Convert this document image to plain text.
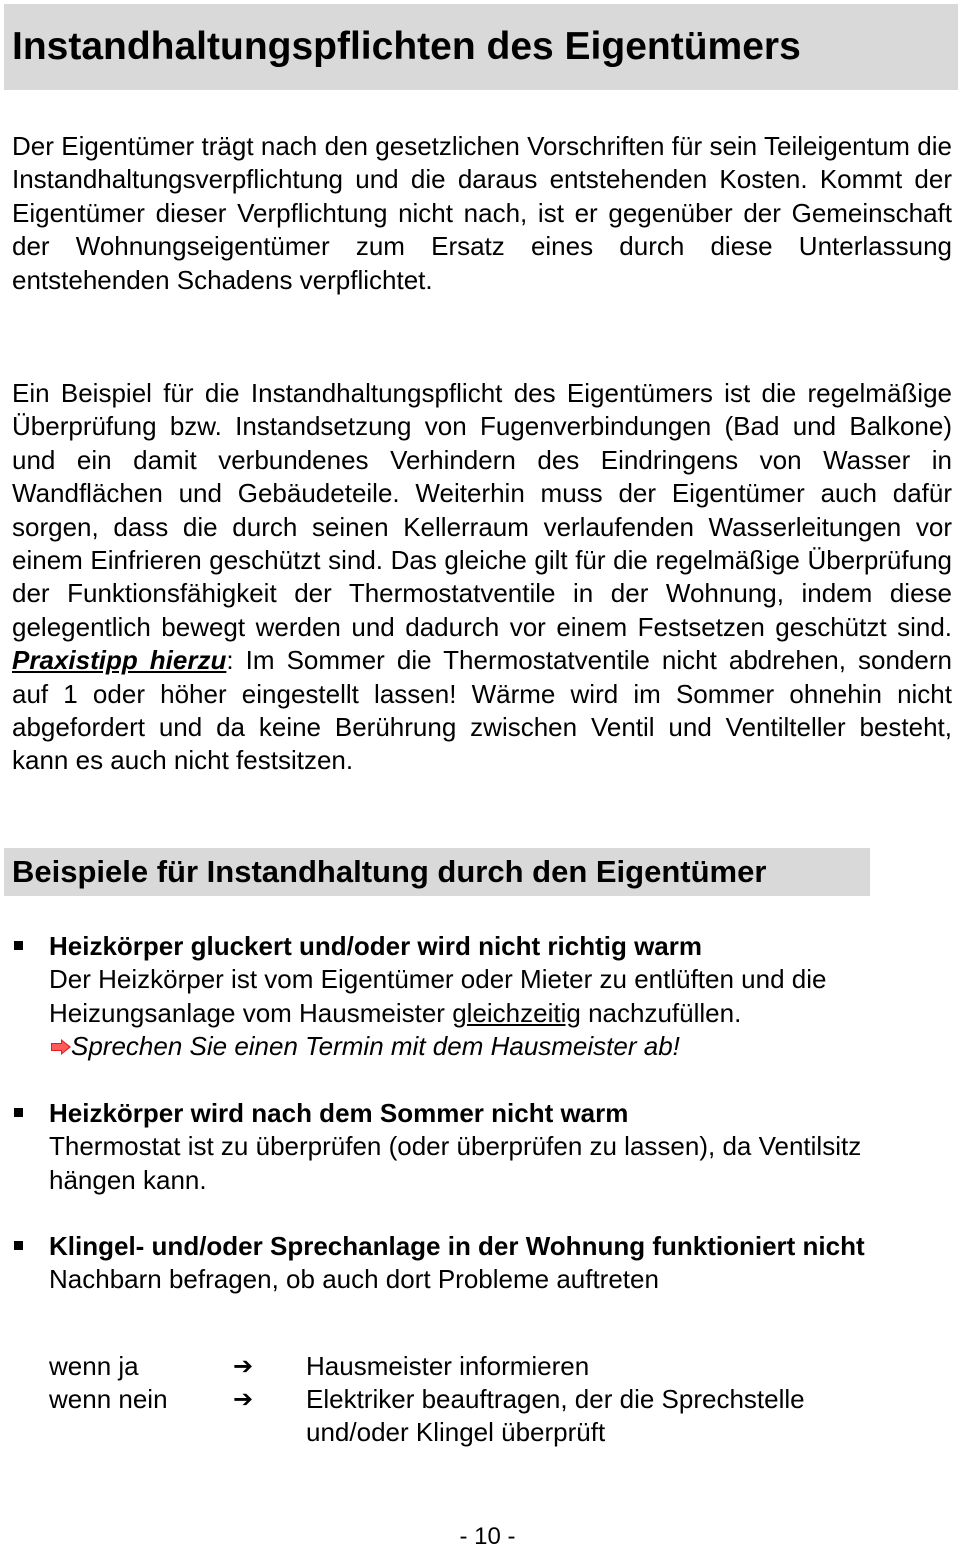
Instandhaltungspflichten des Eigentümers

Der Eigentümer trägt nach den gesetzlichen Vorschriften für sein Teileigentum die Instandhaltungsverpflichtung und die daraus entstehenden Kosten. Kommt der Eigentümer dieser Verpflichtung nicht nach, ist er gegenüber der Gemeinschaft der Wohnungseigentümer zum Ersatz eines durch diese Unterlassung entstehenden Schadens verpflichtet.

Ein Beispiel für die Instandhaltungspflicht des Eigentümers ist die regelmäßige Überprüfung bzw. Instandsetzung von Fugenverbindungen (Bad und Balkone) und ein damit verbundenes Verhindern des Eindringens von Wasser in Wandflächen und Gebäudeteile. Weiterhin muss der Eigentümer auch dafür sorgen, dass die durch seinen Kellerraum verlaufenden Wasserleitungen vor einem Einfrieren geschützt sind. Das gleiche gilt für die regelmäßige Überprüfung der Funktionsfähigkeit der Thermostatventile in der Wohnung, indem diese gelegentlich bewegt werden und dadurch vor einem Festsetzen geschützt sind. Praxistipp hierzu: Im Sommer die Thermostatventile nicht abdrehen, sondern auf 1 oder höher eingestellt lassen! Wärme wird im Sommer ohnehin nicht abgefordert und da keine Berührung zwischen Ventil und Ventilteller besteht, kann es auch nicht festsitzen.

Beispiele für Instandhaltung durch den Eigentümer

Heizkörper gluckert und/oder wird nicht richtig warm

Der Heizkörper ist vom Eigentümer oder Mieter zu entlüften und die Heizungsanlage vom Hausmeister gleichzeitig nachzufüllen.

Sprechen Sie einen Termin mit dem Hausmeister ab!

Heizkörper wird nach dem Sommer nicht warm

Thermostat ist zu überprüfen (oder überprüfen zu lassen), da Ventilsitz hängen kann.

Klingel- und/oder Sprechanlage in der Wohnung funktioniert nicht

Nachbarn befragen, ob auch dort Probleme auftreten

wenn ja	➔ Hausmeister informieren
wenn nein	➔ Elektriker beauftragen, der die Sprechstelle und/oder Klingel überprüft
- 10 -
